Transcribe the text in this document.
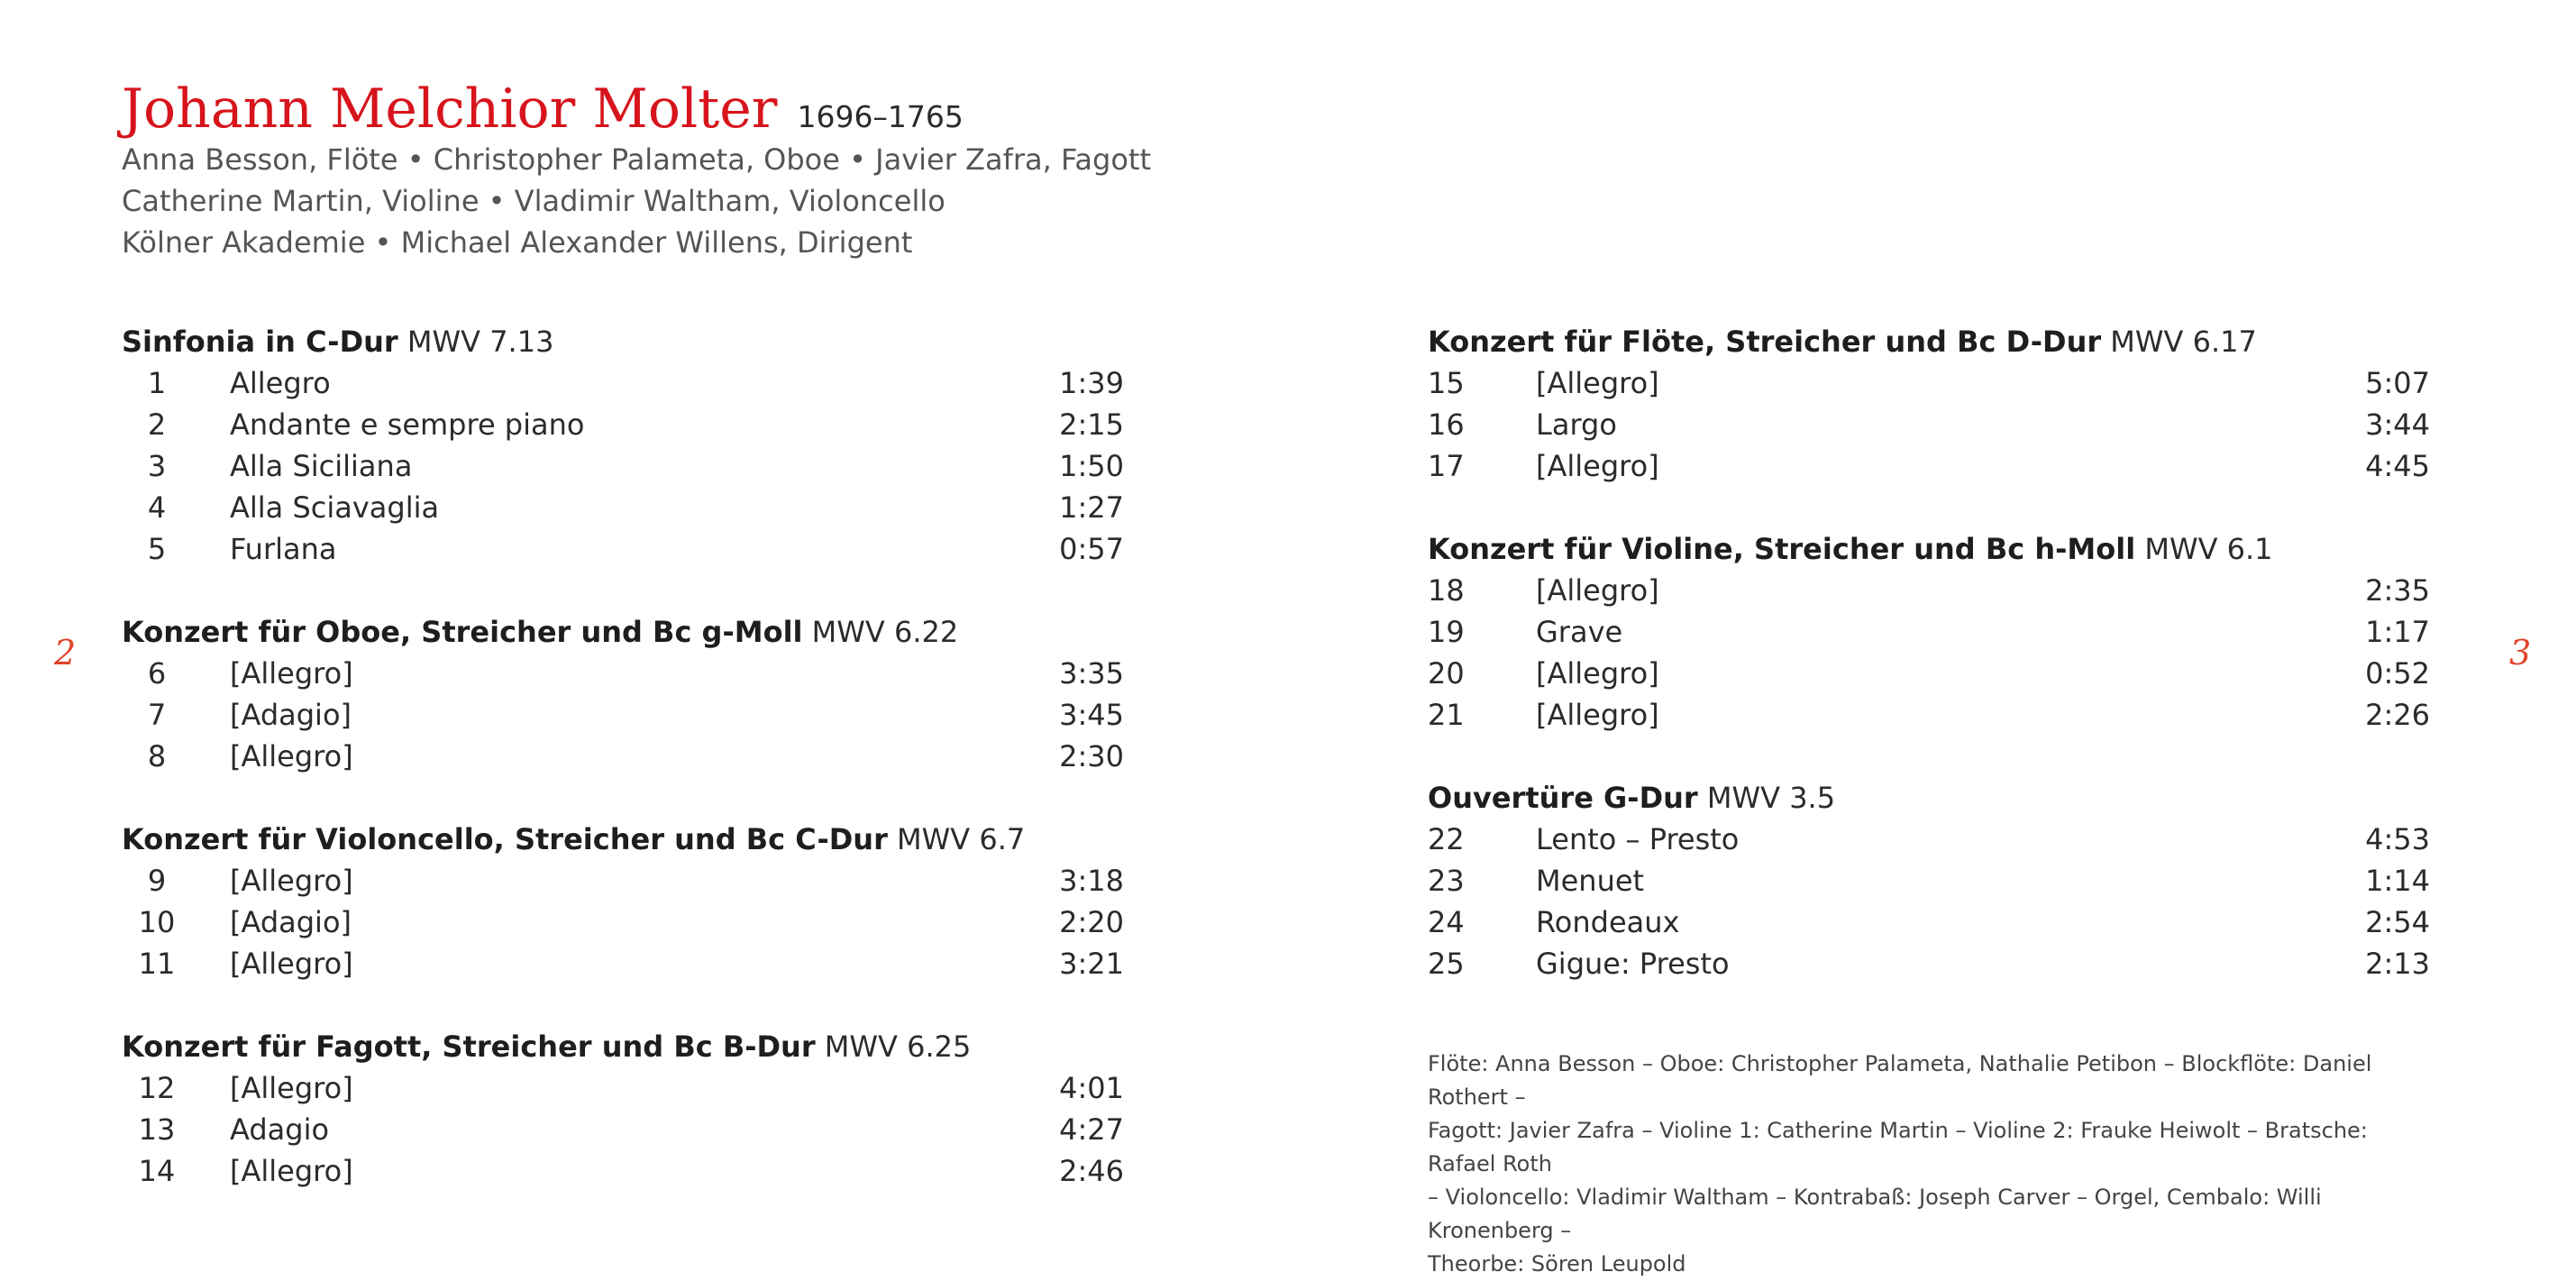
Johann Melchior Molter 1696–1765
Anna Besson, Flöte • Christopher Palameta, Oboe • Javier Zafra, Fagott
Catherine Martin, Violine • Vladimir Waltham, Violoncello
Kölner Akademie • Michael Alexander Willens, Dirigent
Sinfonia in C-Dur MWV 7.13
1	Allegro	1:39
2	Andante e sempre piano	2:15
3	Alla Siciliana	1:50
4	Alla Sciavaglia	1:27
5	Furlana	0:57
Konzert für Oboe, Streicher und Bc g-Moll MWV 6.22
6	[Allegro]	3:35
7	[Adagio]	3:45
8	[Allegro]	2:30
Konzert für Violoncello, Streicher und Bc C-Dur MWV 6.7
9	[Allegro]	3:18
10	[Adagio]	2:20
11	[Allegro]	3:21
Konzert für Fagott, Streicher und Bc B-Dur MWV 6.25
12	[Allegro]	4:01
13	Adagio	4:27
14	[Allegro]	2:46
Konzert für Flöte, Streicher und Bc D-Dur MWV 6.17
15	[Allegro]	5:07
16	Largo	3:44
17	[Allegro]	4:45
Konzert für Violine, Streicher und Bc h-Moll MWV 6.1
18	[Allegro]	2:35
19	Grave	1:17
20	[Allegro]	0:52
21	[Allegro]	2:26
Ouvertüre G-Dur MWV 3.5
22	Lento – Presto	4:53
23	Menuet	1:14
24	Rondeaux	2:54
25	Gigue: Presto	2:13
Flöte: Anna Besson – Oboe: Christopher Palameta, Nathalie Petibon – Blockflöte: Daniel Rothert –
Fagott: Javier Zafra – Violine 1: Catherine Martin – Violine 2: Frauke Heiwolt – Bratsche: Rafael Roth
– Violoncello: Vladimir Waltham – Kontrabaß: Joseph Carver – Orgel, Cembalo: Willi Kronenberg –
Theorbe: Sören Leupold
2	3
